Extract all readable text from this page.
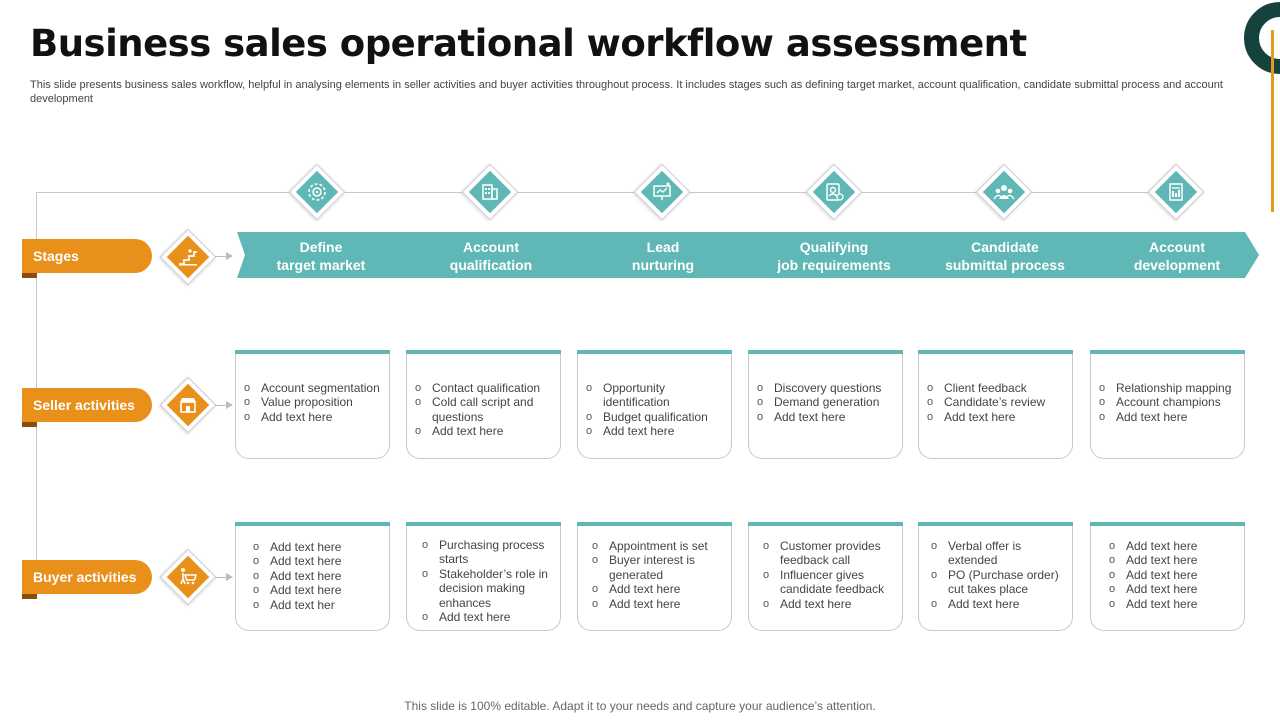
Business sales operational workflow assessment
This slide presents business sales workflow, helpful in analysing elements in seller activities and buyer activities throughout process. It includes stages such as defining target market, account qualification, candidate submittal process and account development
Define
target market
Account
qualification
Lead
nurturing
Qualifying
job requirements
Candidate
submittal process
Account
development
Stages
Seller activities
Buyer activities
o Account segmentation
o Value proposition
o Add text here
o Contact qualification
o Cold call script and questions
o Add text here
o Opportunity identification
o Budget qualification
o Add text here
o Discovery questions
o Demand generation
o Add text here
o Client feedback
o Candidate’s review
o Add text here
o Relationship mapping
o Account champions
o Add text here
o Add text here
o Add text here
o Add text here
o Add text here
o Add text her
o Purchasing process starts
o Stakeholder’s role in decision making enhances
o Add text here
o Appointment is set
o Buyer interest is generated
o Add text here
o Add text here
o Customer provides feedback call
o Influencer gives candidate feedback
o Add text here
o Verbal offer is extended
o PO (Purchase order) cut takes place
o Add text here
o Add text here
o Add text here
o Add text here
o Add text here
o Add text here
This slide is 100% editable. Adapt it to your needs and capture your audience’s attention.
